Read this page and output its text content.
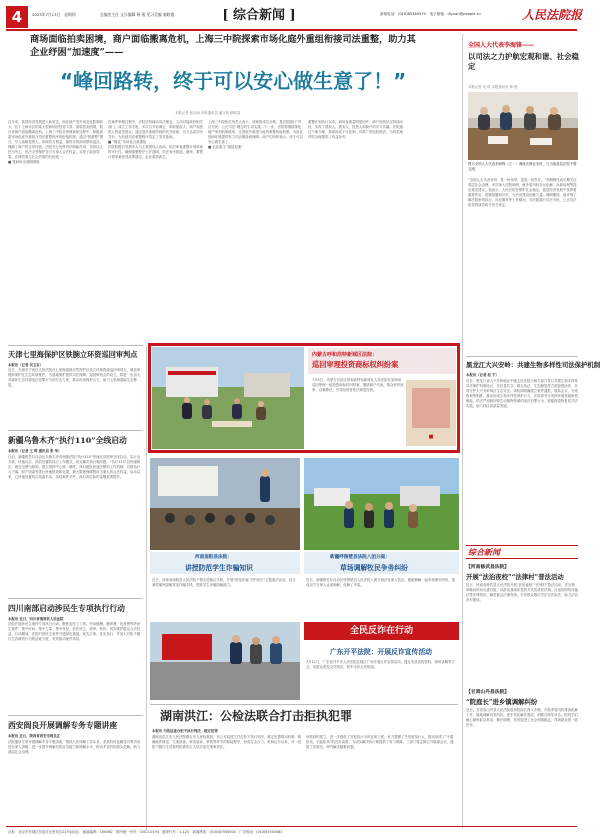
4	2023年7月13日　星期四	总编室主任 文乐编辑 杨 燕 见习美编 秦晓霞	[ 综合新闻 ]	新闻电话：(010)65369570　电子邮箱：diyuan@people.cn	人民法院报
商场面临拍卖困境，商户面临搬离危机，上海三中院探索市场化庭外重组衔接司法重整，助力其
企业纾困“加速度”——
“峰回路转，终于可以安心做生意了！”
本报记者 张巧雨 本报通讯员 潘文玮 顾鸣春
近年来，我国经济发展进入新常态，商业地产受市场变化影响较大。位于上海市区的某大型商场因经营不善，面临拍卖困境，数百家商户面临搬离危机。上海三中院在审理该案过程中，积极探索市场化庭外重组与司法重整程序的衔接机制，通过“预重整”模式，引入战略投资人，协调各方利益，最终实现商场整体盘活，保障了商户的正常经营。法院充分发挥司法职能作用，坚持以人民为中心，依法平等保护各方当事人合法权益，实现了政治效果、法律效果与社会效果的有机统一。
■ 老商场全周期困境
在案件审理过程中，法院坚持能动司法理念，主动对接政府相关部门，成立工作专班，多次召开协调会，听取债权人、商户和投资人的意见建议。通过庭外重组阶段的充分协商，各方达成初步共识，为后续司法重整程序奠定了坚实基础。
■ “孵化”市场化合意重组
法院积极引导债务人与主要债权人协商，依法审查重整计划草案的可行性，确保重整程序公开透明、依法有序推进。最终，重整计划草案获得高票通过，企业重获新生。
上海三中院相关负责人表示，该案的成功办理，是法院践行“司法为民、公正司法”理念的生动实践。下一步，法院将继续深化破产审判机制改革，完善庭外重组与庭内重整衔接机制，为优化营商环境提供有力司法服务和保障。商户们纷纷表示，终于可以安心做生意了。
■ 企业重生“接续加速”
重整计划执行以来，商场客流量明显回升，商户经营状况持续向好，实现了债权人、债务人、投资人和商户的多方共赢。法院通过个案办理，探索形成了可复制、可推广的经验做法，为同类案件的办理提供了有益参考。
全国人大代表李海锋——
以司法之力护航宏观和谐、社会稳定
本报记者 吴 琪 本报通讯员 林 郁
图为全国人大代表李海锋（左一）调研法律业务时，与当地基层法院干警交流。
“全国人大代表身份，是一份荣誉，更是一份责任。”李海锋代表长期关注基层社会治理，多次深入法院调研，就矛盾纠纷多元化解、诉源治理等提出意见建议。他表示，人民法院在维护社会稳定、促进经济发展中发挥着重要作用，将继续履职尽责，为法治建设贡献力量。调研期间，他详细了解法院审判执行、诉讼服务等工作情况，对法院践行司法为民、公正司法取得的成效给予充分肯定。
天津七里海保护区铁腕立环资巡回审判点
本报讯（记者 吴卫东）
近日，天津市宁河区人民法院在七里海湿地自然保护区设立环境资源巡回审判点，就近审理涉保护区生态环境案件，为湿地保护提供司法保障。巡回审判点的设立，将进一步加大对破坏生态环境违法犯罪行为的打击力度，推动形成保护合力，助力七里海湿地生态修复。
新疆乌鲁木齐“执行110”全线启动
本报讯（记者 王 晖 通讯员 张 华）
日前，新疆维吾尔自治区乌鲁木齐市两级法院“执行110”快速反应机制全线启动，实行全天候、快速反应、高效处置的执行工作模式，切实解决执行难问题。“执行110”以快速响应、就近出警为原则，建立指挥中心统一调度、执行团队快速出警的工作机制，对被执行人下落、财产线索等进行快速核查和处置，最大限度保障胜诉当事人的合法权益。启动以来，已快速处置执行线索多条，执结案件多件，执行到位标的金额显著提升。
四川南部启动涉民生专项执行行动
本报讯 近日，四川省南部县人民法院
法院开展涉民生案件专项执行行动，聚焦农民工工资、劳动报酬、赡养费、抚养费等涉民生案件，集中时间、集中力量、集中攻坚，依法快立、快审、快执，切实维护群众合法权益。行动期间，法院对涉民生案件开通绿色通道，优先立案、优先执行，并加大对拒不履行生效裁判行为的惩戒力度，有效推动案件执结。
西安阎良开展调解专务专题讲座
本报讯 近日，陕西省西安市阎良区
法院邀请专家开展调解专务专题讲座，围绕人民调解工作实务、矛盾纠纷化解技巧等内容进行深入讲解，进一步提升调解员的业务能力和调解水平，推动矛盾纠纷源头化解，助力基层社会治理。
内蒙古呼和浩特新城区法院：
巡回审理投资商标权纠纷案
7月5日，内蒙古自治区呼和浩特市新城区人民法院在某商场巡回审理一起投资商标权纠纷案，邀请商户代表、群众旁听庭审，以案释法，引导经营者依法规范经营。
■
河南南阳县法院：
讲授防范学生诈骗知识
近日，河南省南阳县人民法院干警走进辖区学校，开展“防范诈骗 守护成长”主题普法活动，结合典型案例讲解常见诈骗手段，提高学生识骗防骗能力。
新疆呼图壁县法院八团分庭：
草场调解牧民争务纠纷
近日，新疆维吾尔自治区呼图壁县人民法院八团分庭法官深入牧区，就地调解一起草场使用纠纷，促成双方当事人达成和解，化解了矛盾。
全民反诈在行动
广东开平法院：开展反诈宣传活动
7月11日，广东省开平市人民法院在辖区广场开展反诈宣传活动，通过发放宣传资料、现场讲解等方式，向群众普及反诈知识，筑牢全民反诈防线。
湖南洪江：公检法联合打击拒执犯罪
本报讯 为依法查办拒不执行判决、裁定犯罪
湖南省洪江市人民法院联合市人民检察院、市公安局建立打击拒不执行判决、裁定犯罪联动机制，明确案件移送、立案侦查、审查起诉、审判等环节的衔接程序，形成打击合力。机制运行以来，对一批拒不履行生效裁判的被执行人依法追究刑事责任。
该机制的建立，进一步强化了对拒执行为的惩戒力度，有力震慑了失信被执行人，推动形成了“不敢拒执、不能拒执”的良好局面，为切实解决执行难提供了有力保障。三部门将定期召开联席会议，通报工作情况，研究解决疑难问题。
黑龙江大兴安岭：共建生物多样性司法保护机制
本报讯（记者 赵 宇）
近日，黑龙江省大兴安岭地区中级人民法院与相关部门签订共建生物多样性司法保护机制协议，在信息共享、联合执法、生态修复等方面加强协作，共同守护大兴安岭林区生态安全。该机制明确建立案件通报、联席会议、专家咨询等制度，推动形成生物多样性保护合力。法院将充分发挥环境资源审判职能，依法严惩破坏野生动植物资源的违法犯罪行为，积极探索恢复性司法实践，助力林区高质量发展。
综合新闻
【河南修武县法院】
开展“法治夜校”“法律村”普法活动
近日，河南省修武县人民法院开展“法治夜校”“法律村”普法活动，法官利用晚间时间走进村组，以群众喜闻乐见的方式宣讲民法典、反电信网络诈骗法等法律知识，解答群众法律咨询，引导群众尊法学法守法用法，助力法治乡村建设。
【甘肃山丹县法院】
“院庭长”进乡镇调解纠纷
近日，甘肃省山丹县人民法院组织院庭长深入乡镇，开展矛盾纠纷排查化解工作，就地调解各类纠纷，把矛盾化解在基层、消除在萌芽状态。院庭长们耐心倾听群众诉求，释法明理，有效促进了社会和谐稳定，得到群众的一致好评。
社址：北京市东城区东花市北里东区22号(南区)　邮政编码：100062　国内统一刊号：CN11-0194　邮发代号：1-125　新闻热线：(010)67550500　广告热线：(010)67550582
